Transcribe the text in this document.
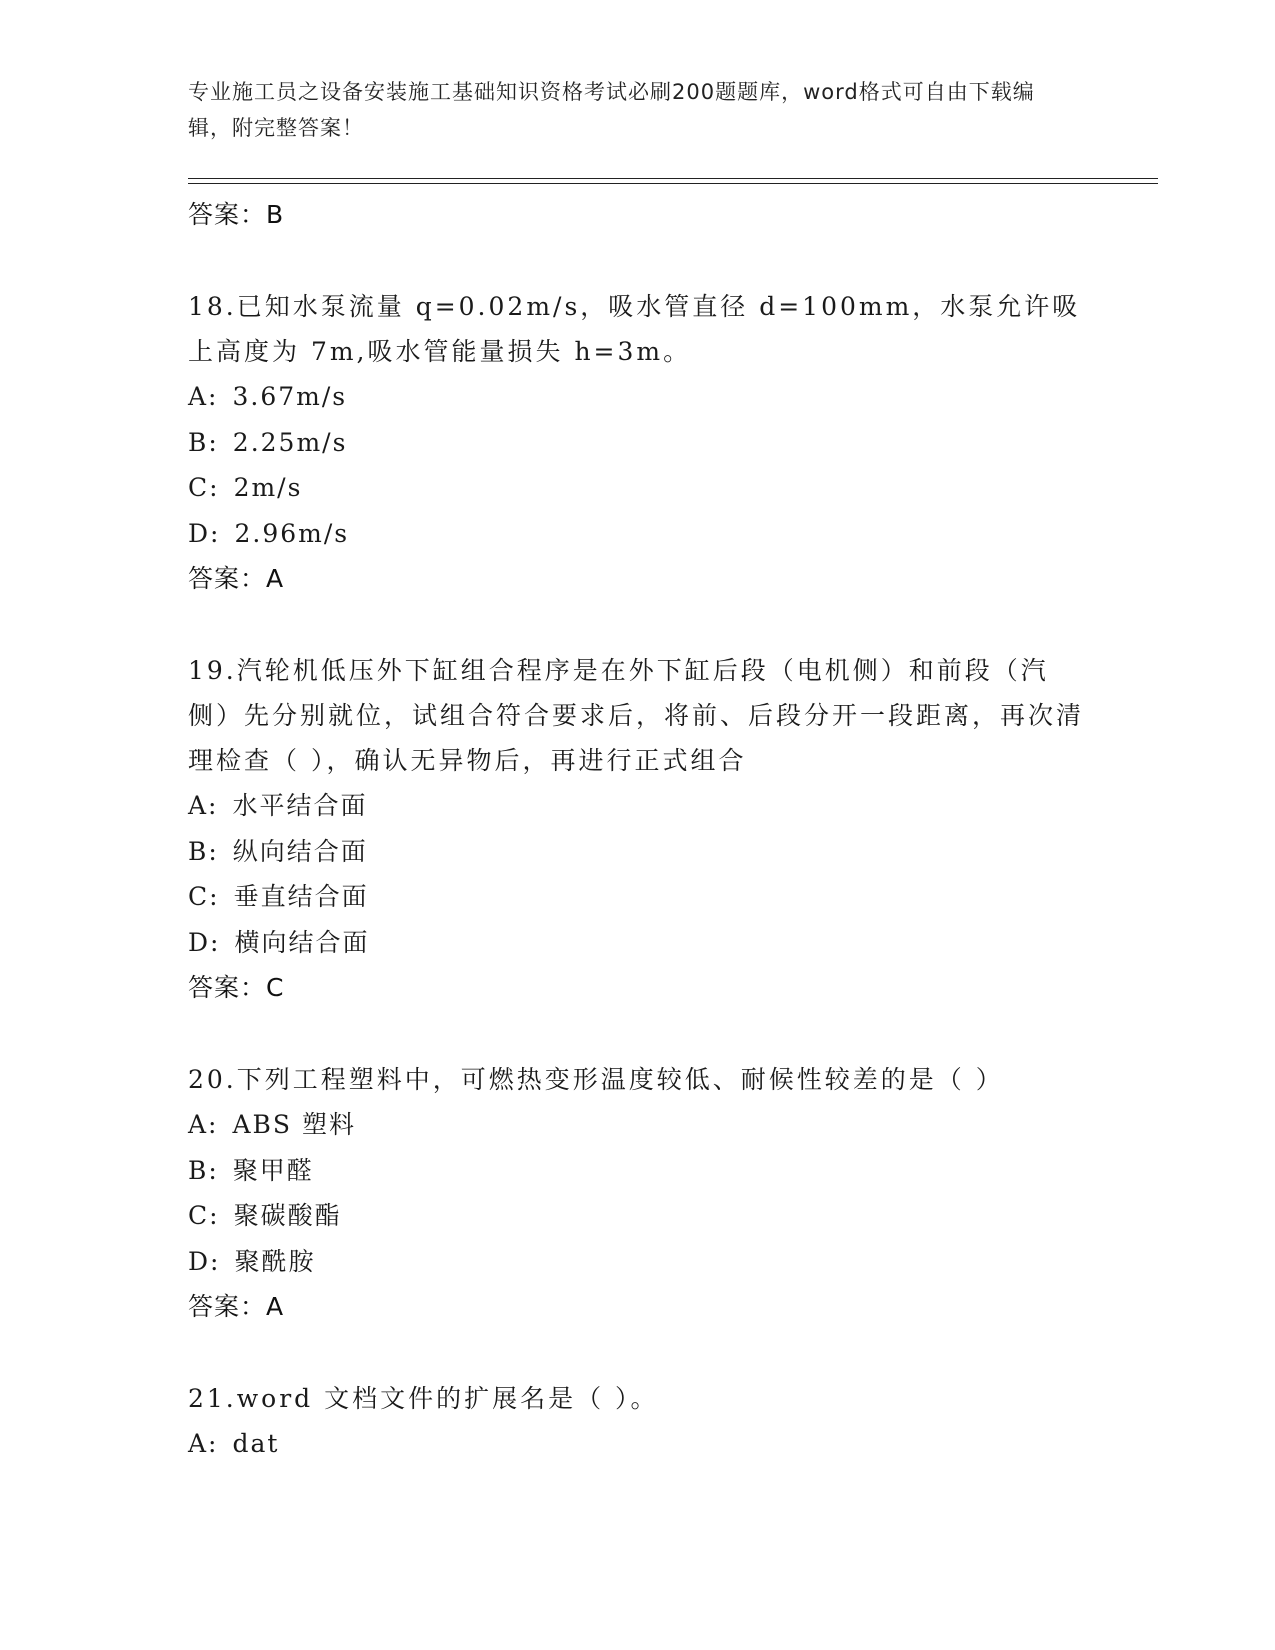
专业施工员之设备安装施工基础知识资格考试必刷200题题库，word格式可自由下载编辑，附完整答案！
答案：B
18.已知水泵流量 q=0.02m/s，吸水管直径 d=100mm，水泵允许吸上高度为 7m,吸水管能量损失 h=3m。
A: 3.67m/s
B: 2.25m/s
C: 2m/s
D: 2.96m/s
答案：A
19.汽轮机低压外下缸组合程序是在外下缸后段（电机侧）和前段（汽侧）先分别就位，试组合符合要求后，将前、后段分开一段距离，再次清理检查（ ），确认无异物后，再进行正式组合
A: 水平结合面
B: 纵向结合面
C: 垂直结合面
D: 横向结合面
答案：C
20.下列工程塑料中，可燃热变形温度较低、耐候性较差的是（ ）
A: ABS 塑料
B: 聚甲醛
C: 聚碳酸酯
D: 聚酰胺
答案：A
21.word 文档文件的扩展名是（ ）。
A: dat
